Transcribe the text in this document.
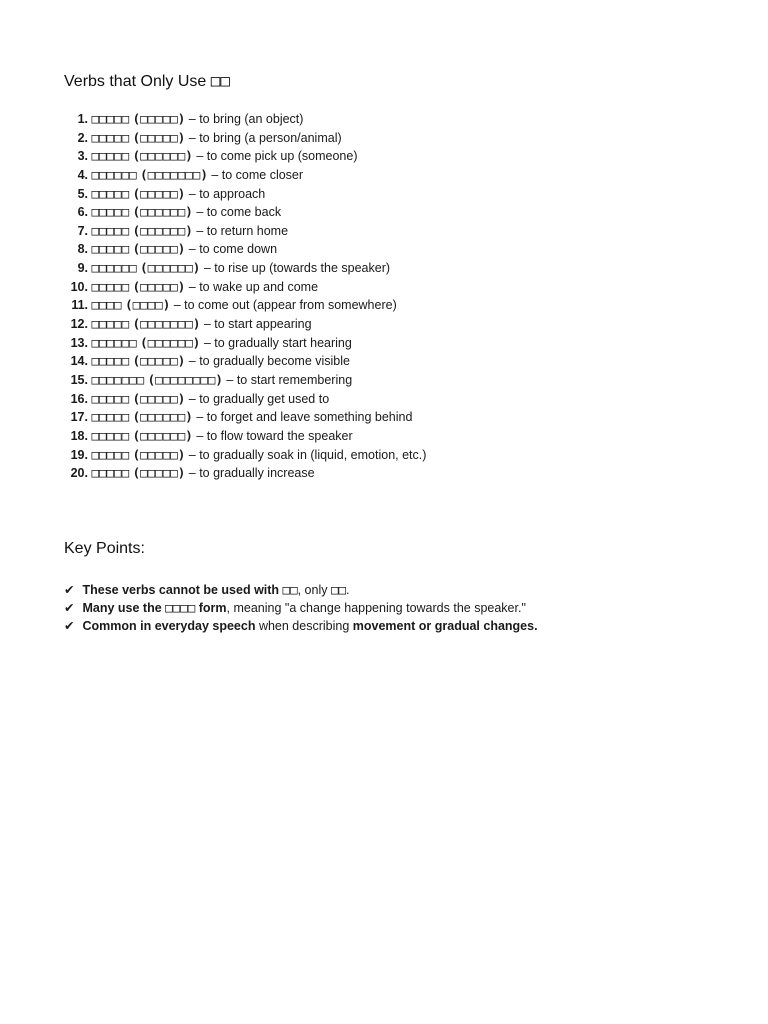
Verbs that Only Use □□
1. □□□□□ (□□□□□) – to bring (an object)
2. □□□□□ (□□□□□) – to bring (a person/animal)
3. □□□□□ (□□□□□□) – to come pick up (someone)
4. □□□□□□ (□□□□□□□) – to come closer
5. □□□□□ (□□□□□) – to approach
6. □□□□□ (□□□□□□) – to come back
7. □□□□□ (□□□□□□) – to return home
8. □□□□□ (□□□□□) – to come down
9. □□□□□□ (□□□□□□) – to rise up (towards the speaker)
10. □□□□□ (□□□□□) – to wake up and come
11. □□□□ (□□□□) – to come out (appear from somewhere)
12. □□□□□ (□□□□□□□) – to start appearing
13. □□□□□□ (□□□□□□) – to gradually start hearing
14. □□□□□ (□□□□□) – to gradually become visible
15. □□□□□□□ (□□□□□□□□) – to start remembering
16. □□□□□ (□□□□□) – to gradually get used to
17. □□□□□ (□□□□□□) – to forget and leave something behind
18. □□□□□ (□□□□□□) – to flow toward the speaker
19. □□□□□ (□□□□□) – to gradually soak in (liquid, emotion, etc.)
20. □□□□□ (□□□□□) – to gradually increase
Key Points:
✔ These verbs cannot be used with □□, only □□.
✔ Many use the □□□□ form, meaning "a change happening towards the speaker."
✔ Common in everyday speech when describing movement or gradual changes.
